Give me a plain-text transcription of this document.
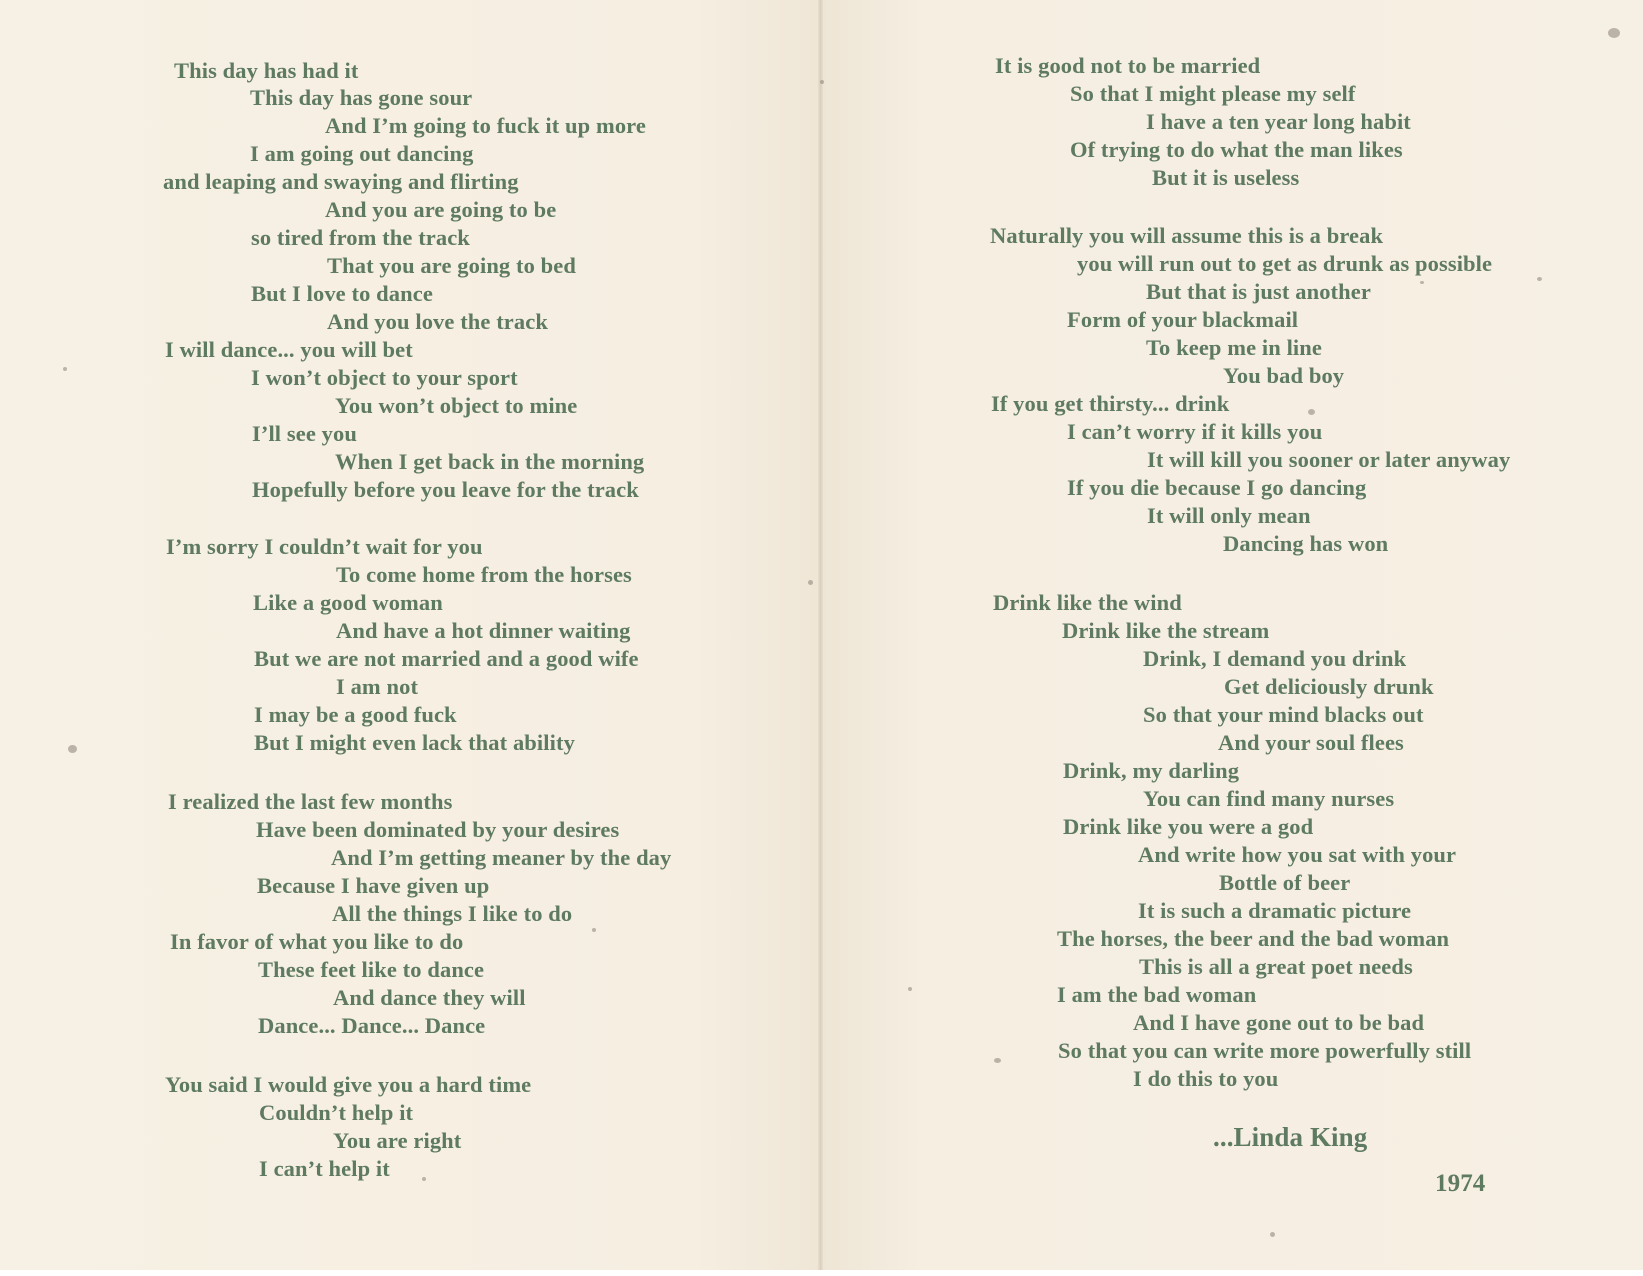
This day has had it
This day has gone sour
And I’m going to fuck it up more
I am going out dancing
and leaping and swaying and flirting
And you are going to be
so tired from the track
That you are going to bed
But I love to dance
And you love the track
I will dance... you will bet
I won’t object to your sport
You won’t object to mine
I’ll see you
When I get back in the morning
Hopefully before you leave for the track
I’m sorry I couldn’t wait for you
To come home from the horses
Like a good woman
And have a hot dinner waiting
But we are not married and a good wife
I am not
I may be a good fuck
But I might even lack that ability
I realized the last few months
Have been dominated by your desires
And I’m getting meaner by the day
Because I have given up
All the things I like to do
In favor of what you like to do
These feet like to dance
And dance they will
Dance... Dance... Dance
You said I would give you a hard time
Couldn’t help it
You are right
I can’t help it
It is good not to be married
So that I might please my self
I have a ten year long habit
Of trying to do what the man likes
But it is useless
Naturally you will assume this is a break
you will run out to get as drunk as possible
But that is just another
Form of your blackmail
To keep me in line
You bad boy
If you get thirsty... drink
I can’t worry if it kills you
It will kill you sooner or later anyway
If you die because I go dancing
It will only mean
Dancing has won
Drink like the wind
Drink like the stream
Drink, I demand you drink
Get deliciously drunk
So that your mind blacks out
And your soul flees
Drink, my darling
You can find many nurses
Drink like you were a god
And write how you sat with your
Bottle of beer
It is such a dramatic picture
The horses, the beer and the bad woman
This is all a great poet needs
I am the bad woman
And I have gone out to be bad
So that you can write more powerfully still
I do this to you
...Linda King
1974
